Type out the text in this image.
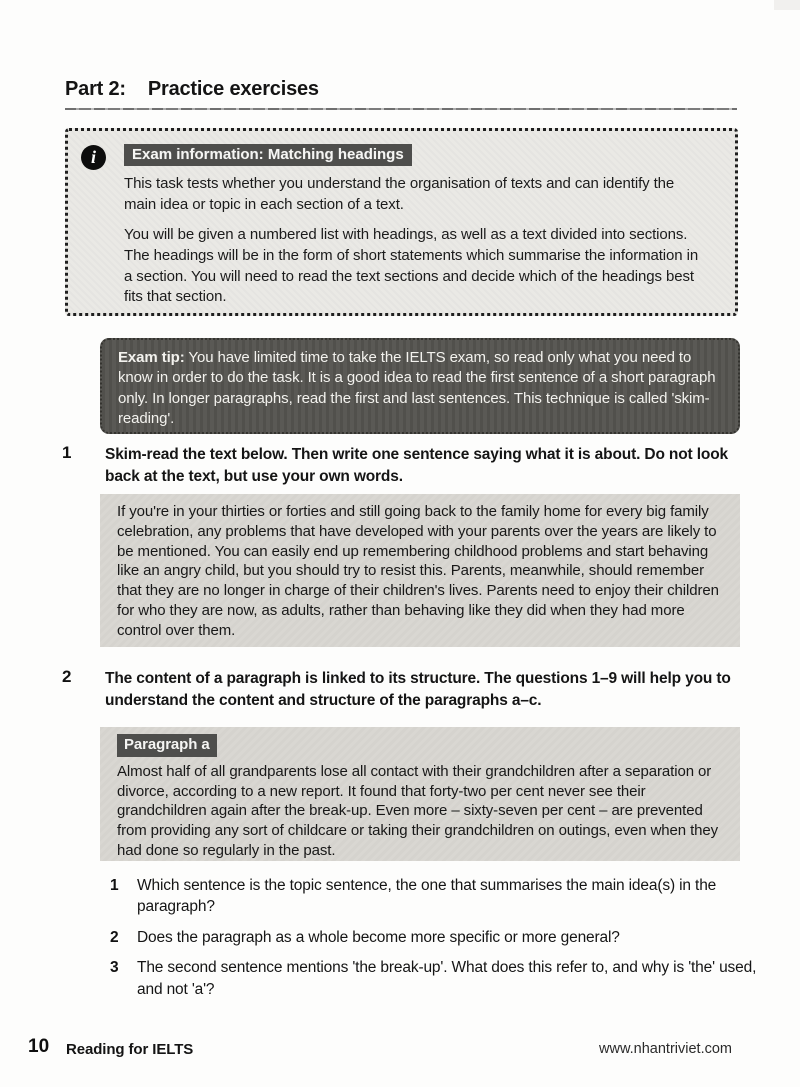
Part 2: Practice exercises
i	Exam information: Matching headings
This task tests whether you understand the organisation of texts and can identify the main idea or topic in each section of a text.
You will be given a numbered list with headings, as well as a text divided into sections. The headings will be in the form of short statements which summarise the information in a section. You will need to read the text sections and decide which of the headings best fits that section.
Exam tip: You have limited time to take the IELTS exam, so read only what you need to know in order to do the task. It is a good idea to read the first sentence of a short paragraph only. In longer paragraphs, read the first and last sentences. This technique is called 'skim-reading'.
1 Skim-read the text below. Then write one sentence saying what it is about. Do not look back at the text, but use your own words.
If you're in your thirties or forties and still going back to the family home for every big family celebration, any problems that have developed with your parents over the years are likely to be mentioned. You can easily end up remembering childhood problems and start behaving like an angry child, but you should try to resist this. Parents, meanwhile, should remember that they are no longer in charge of their children's lives. Parents need to enjoy their children for who they are now, as adults, rather than behaving like they did when they had more control over them.
2 The content of a paragraph is linked to its structure. The questions 1–9 will help you to understand the content and structure of the paragraphs a–c.
Paragraph a
Almost half of all grandparents lose all contact with their grandchildren after a separation or divorce, according to a new report. It found that forty-two per cent never see their grandchildren again after the break-up. Even more – sixty-seven per cent – are prevented from providing any sort of childcare or taking their grandchildren on outings, even when they had done so regularly in the past.
1	Which sentence is the topic sentence, the one that summarises the main idea(s) in the paragraph?
2	Does the paragraph as a whole become more specific or more general?
3	The second sentence mentions 'the break-up'. What does this refer to, and why is 'the' used, and not 'a'?
10 Reading for IELTS	www.nhantriviet.com
